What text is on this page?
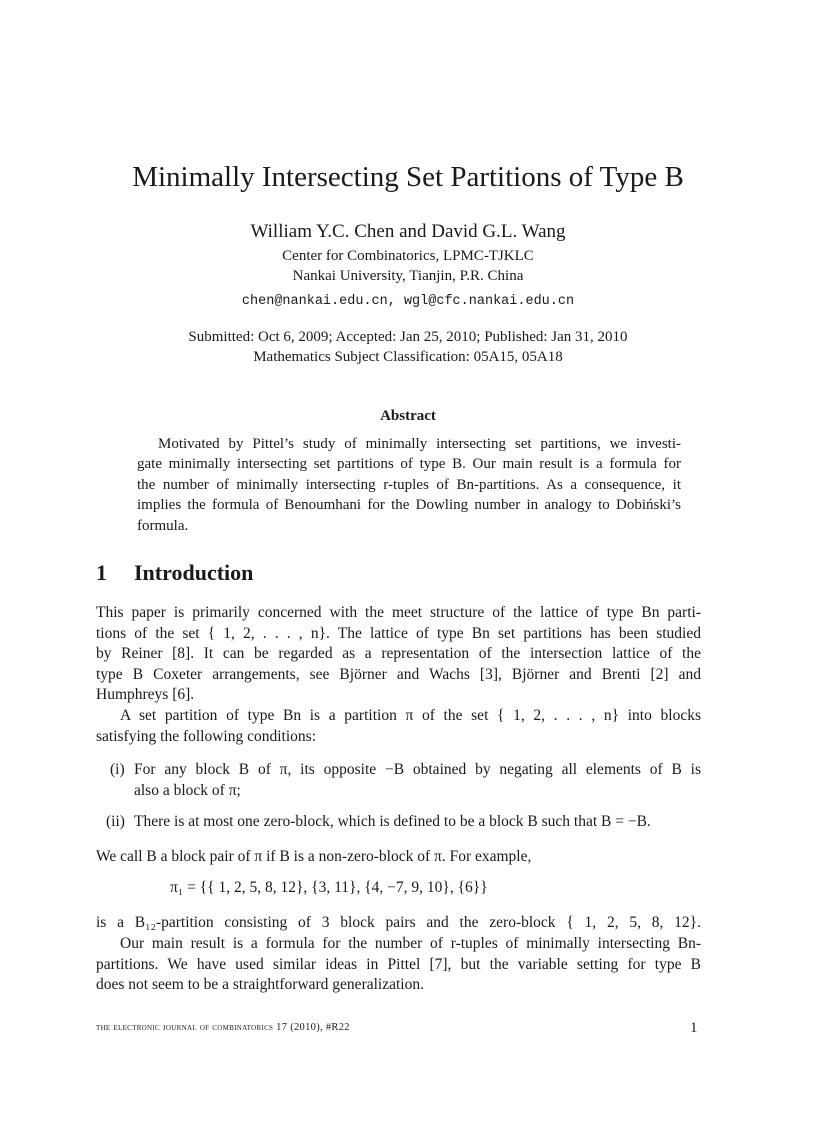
Minimally Intersecting Set Partitions of Type B
William Y.C. Chen and David G.L. Wang
Center for Combinatorics, LPMC-TJKLC
Nankai University, Tianjin, P.R. China
chen@nankai.edu.cn, wgl@cfc.nankai.edu.cn
Submitted: Oct 6, 2009; Accepted: Jan 25, 2010; Published: Jan 31, 2010
Mathematics Subject Classification: 05A15, 05A18
Abstract
Motivated by Pittel’s study of minimally intersecting set partitions, we investi-
gate minimally intersecting set partitions of type B. Our main result is a formula for
the number of minimally intersecting r-tuples of Bn-partitions. As a consequence, it
implies the formula of Benoumhani for the Dowling number in analogy to Dobiński’s
formula.
1 Introduction
This paper is primarily concerned with the meet structure of the lattice of type Bn parti-
tions of the set { 1, 2, . . . , n}. The lattice of type Bn set partitions has been studied
by Reiner [8]. It can be regarded as a representation of the intersection lattice of the
type B Coxeter arrangements, see Björner and Wachs [3], Björner and Brenti [2] and
Humphreys [6].
A set partition of type Bn is a partition π of the set { 1, 2, . . . , n} into blocks
satisfying the following conditions:
(i) For any block B of π, its opposite −B obtained by negating all elements of B is
also a block of π;
(ii) There is at most one zero-block, which is defined to be a block B such that B = −B.
We call B a block pair of π if B is a non-zero-block of π. For example,
π₁ = {{ 1, 2, 5, 8, 12}, {3, 11}, {4, −7, 9, 10}, {6}}
is a B₁₂-partition consisting of 3 block pairs and the zero-block { 1, 2, 5, 8, 12}.
Our main result is a formula for the number of r-tuples of minimally intersecting Bn-
partitions. We have used similar ideas in Pittel [7], but the variable setting for type B
does not seem to be a straightforward generalization.
the electronic journal of combinatorics 17 (2010), #R22	1
